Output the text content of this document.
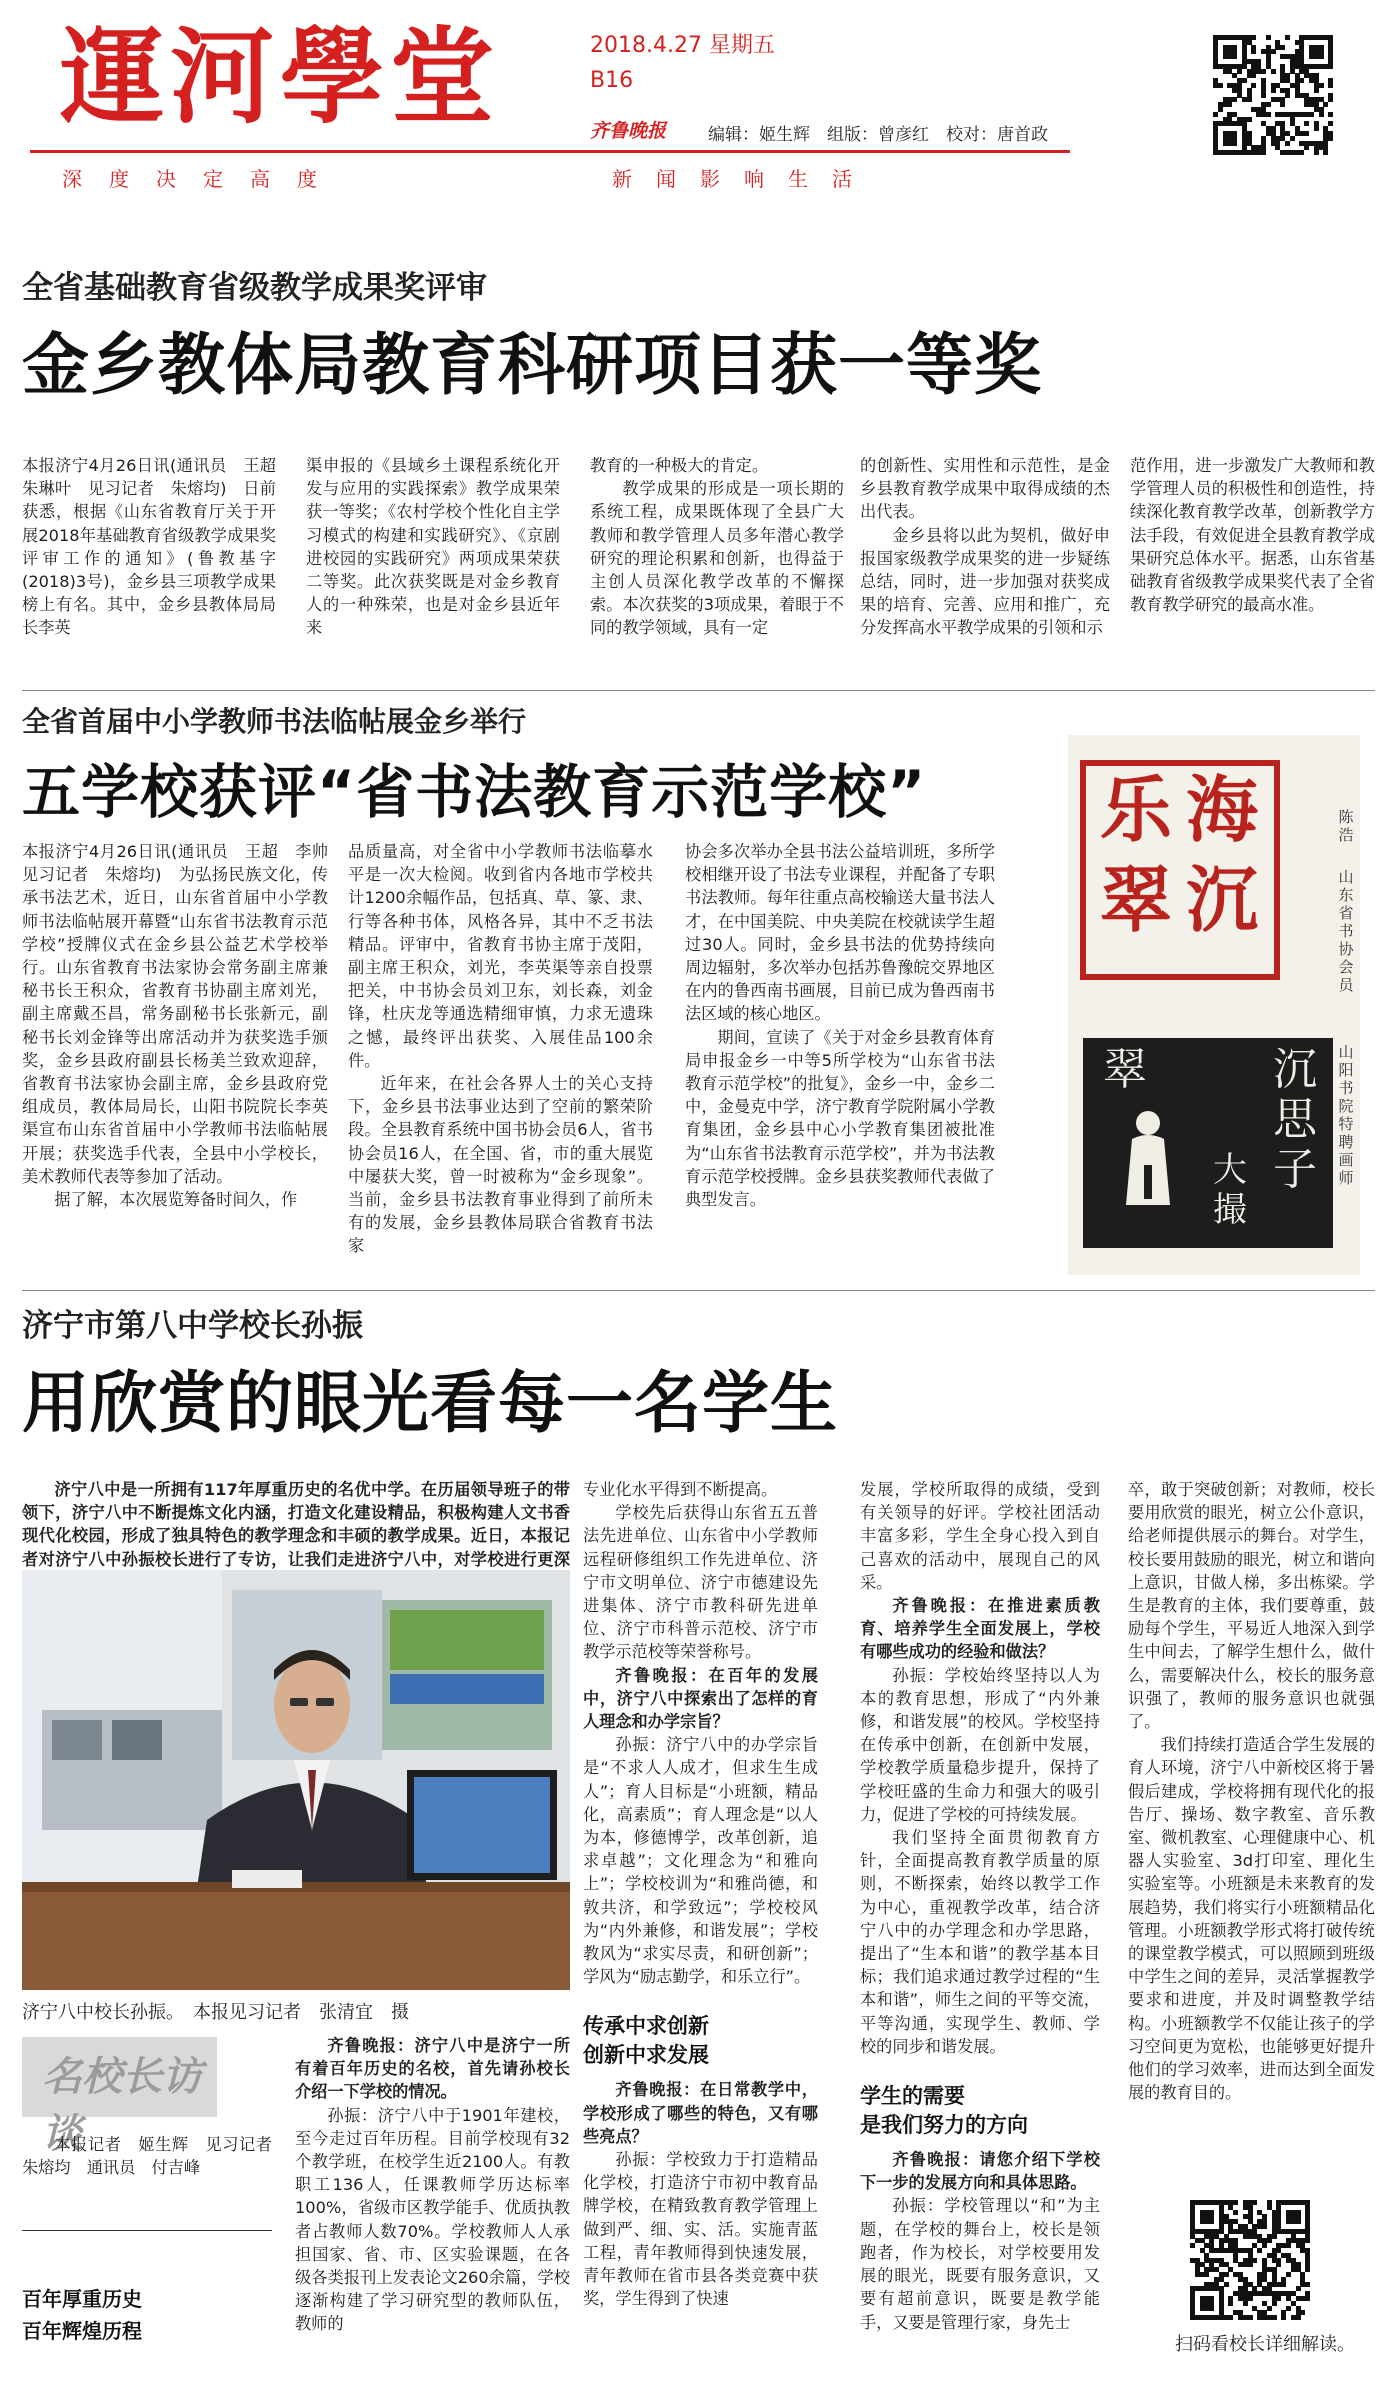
運河學堂
深度决定高度	新闻影响生活
2018.4.27 星期五
B16
齐鲁晚报 编辑：姬生辉　组版：曾彦红　校对：唐首政
全省基础教育省级教学成果奖评审
金乡教体局教育科研项目获一等奖

本报济宁4月26日讯(通讯员　王超　朱琳叶　见习记者　朱熔均)　日前获悉，根据《山东省教育厅关于开展2018年基础教育省级教学成果奖评审工作的通知》(鲁教基字(2018)3号)，金乡县三项教学成果榜上有名。其中，金乡县教体局局长李英

渠申报的《县域乡土课程系统化开发与应用的实践探索》教学成果荣获一等奖；《农村学校个性化自主学习模式的构建和实践研究》、《京剧进校园的实践研究》两项成果荣获二等奖。此次获奖既是对金乡教育人的一种殊荣，也是对金乡县近年来

教育的一种极大的肯定。

教学成果的形成是一项长期的系统工程，成果既体现了全县广大教师和教学管理人员多年潜心教学研究的理论积累和创新，也得益于主创人员深化教学改革的不懈探索。本次获奖的3项成果，着眼于不同的教学领域，具有一定

的创新性、实用性和示范性，是金乡县教育教学成果中取得成绩的杰出代表。

金乡县将以此为契机，做好申报国家级教学成果奖的进一步疑练总结，同时，进一步加强对获奖成果的培育、完善、应用和推广，充分发挥高水平教学成果的引领和示

范作用，进一步激发广大教师和教学管理人员的积极性和创造性，持续深化教育教学改革，创新教学方法手段，有效促进全县教育教学成果研究总体水平。据悉，山东省基础教育省级教学成果奖代表了全省教育教学研究的最高水准。

全省首届中小学教师书法临帖展金乡举行
五学校获评“省书法教育示范学校”

本报济宁4月26日讯(通讯员　王超　李帅　见习记者　朱熔均)　为弘扬民族文化，传承书法艺术，近日，山东省首届中小学教师书法临帖展开幕暨“山东省书法教育示范学校”授牌仪式在金乡县公益艺术学校举行。山东省教育书法家协会常务副主席兼秘书长王积众，省教育书协副主席刘光，副主席戴丕昌，常务副秘书长张新元，副秘书长刘金锋等出席活动并为获奖选手颁奖，金乡县政府副县长杨美兰致欢迎辞，省教育书法家协会副主席，金乡县政府党组成员，教体局局长，山阳书院院长李英渠宣布山东省首届中小学教师书法临帖展开展；获奖选手代表，全县中小学校长，美术教师代表等参加了活动。

据了解，本次展览筹备时间久，作

品质量高，对全省中小学教师书法临摹水平是一次大检阅。收到省内各地市学校共计1200余幅作品，包括真、草、篆、隶、行等各种书体，风格各异，其中不乏书法精品。评审中，省教育书协主席于茂阳，副主席王积众，刘光，李英渠等亲自投票把关，中书协会员刘卫东，刘长森，刘金锋，杜庆龙等通选精细审慎，力求无遗珠之憾，最终评出获奖、入展佳品100余件。

近年来，在社会各界人士的关心支持下，金乡县书法事业达到了空前的繁荣阶段。全县教育系统中国书协会员6人，省书协会员16人，在全国、省，市的重大展览中屡获大奖，曾一时被称为“金乡现象”。当前，金乡县书法教育事业得到了前所未有的发展，金乡县教体局联合省教育书法家

协会多次举办全县书法公益培训班，多所学校相继开设了书法专业课程，并配备了专职书法教师。每年往重点高校输送大量书法人才，在中国美院、中央美院在校就读学生超过30人。同时，金乡县书法的优势持续向周边辐射，多次举办包括苏鲁豫皖交界地区在内的鲁西南书画展，目前已成为鲁西南书法区域的核心地区。

期间，宣读了《关于对金乡县教育体育局申报金乡一中等5所学校为“山东省书法教育示范学校”的批复》，金乡一中，金乡二中，金曼克中学，济宁教育学院附属小学教育集团，金乡县中心小学教育集团被批准为“山东省书法教育示范学校”，并为书法教育示范学校授牌。金乡县获奖教师代表做了典型发言。

海
沉
乐
翠
翠	沉
思
子
大
撮
陈浩
山东省书协会员
山阳书院特聘画师
济宁市第八中学校长孙振
用欣赏的眼光看每一名学生

济宁八中是一所拥有117年厚重历史的名优中学。在历届领导班子的带领下，济宁八中不断提炼文化内涵，打造文化建设精品，积极构建人文书香现代化校园，形成了独具特色的教学理念和丰硕的教学成果。近日，本报记者对济宁八中孙振校长进行了专访，让我们走进济宁八中，对学校进行更深

济宁八中校长孙振。　本报见习记者　张清宜　摄
名校长访谈

本报记者　姬生辉　见习记者　朱熔均　通讯员　付吉峰

百年厚重历史
百年辉煌历程

齐鲁晚报：济宁八中是济宁一所有着百年历史的名校，首先请孙校长介绍一下学校的情况。

孙振：济宁八中于1901年建校，至今走过百年历程。目前学校现有32个教学班，在校学生近2100人。有教职工136人，任课教师学历达标率100%，省级市区教学能手、优质执教者占教师人数70%。学校教师人人承担国家、省、市、区实验课题，在各级各类报刊上发表论文260余篇，学校逐渐构建了学习研究型的教师队伍，教师的

专业化水平得到不断提高。

学校先后获得山东省五五普法先进单位、山东省中小学教师远程研修组织工作先进单位、济宁市文明单位、济宁市德建设先进集体、济宁市教科研先进单位、济宁市科普示范校、济宁市教学示范校等荣誉称号。

齐鲁晚报：在百年的发展中，济宁八中探索出了怎样的育人理念和办学宗旨？

孙振：济宁八中的办学宗旨是“不求人人成才，但求生生成人”；育人目标是“小班额，精品化，高素质”；育人理念是“以人为本，修德博学，改革创新，追求卓越”；文化理念为“和雅向上”；学校校训为“和雅尚德，和敦共济，和学致远”；学校校风为“内外兼修，和谐发展”；学校教风为“求实尽责，和研创新”；学风为“励志勤学，和乐立行”。

传承中求创新
创新中求发展

齐鲁晚报：在日常教学中，学校形成了哪些的特色，又有哪些亮点？

孙振：学校致力于打造精品化学校，打造济宁市初中教育品牌学校，在精致教育教学管理上做到严、细、实、活。实施青蓝工程，青年教师得到快速发展，青年教师在省市县各类竞赛中获奖，学生得到了快速

发展，学校所取得的成绩，受到有关领导的好评。学校社团活动丰富多彩，学生全身心投入到自己喜欢的活动中，展现自己的风采。

齐鲁晚报：在推进素质教育、培养学生全面发展上，学校有哪些成功的经验和做法？

孙振：学校始终坚持以人为本的教育思想，形成了“内外兼修，和谐发展”的校风。学校坚持在传承中创新，在创新中发展，学校教学质量稳步提升，保持了学校旺盛的生命力和强大的吸引力，促进了学校的可持续发展。

我们坚持全面贯彻教育方针，全面提高教育教学质量的原则，不断探索，始终以教学工作为中心，重视教学改革，结合济宁八中的办学理念和办学思路，提出了“生本和谐”的教学基本目标；我们追求通过教学过程的“生本和谐”，师生之间的平等交流，平等沟通，实现学生、教师、学校的同步和谐发展。

学生的需要
是我们努力的方向

齐鲁晚报：请您介绍下学校下一步的发展方向和具体思路。

孙振：学校管理以“和”为主题，在学校的舞台上，校长是领跑者，作为校长，对学校要用发展的眼光，既要有服务意识，又要有超前意识，既要是教学能手，又要是管理行家，身先士

卒，敢于突破创新；对教师，校长要用欣赏的眼光，树立公仆意识，给老师提供展示的舞台。对学生，校长要用鼓励的眼光，树立和谐向上意识，甘做人梯，多出栋梁。学生是教育的主体，我们要尊重，鼓励每个学生，平易近人地深入到学生中间去，了解学生想什么，做什么，需要解决什么，校长的服务意识强了，教师的服务意识也就强了。

我们持续打造适合学生发展的育人环境，济宁八中新校区将于暑假后建成，学校将拥有现代化的报告厅、操场、数字教室、音乐教室、微机教室、心理健康中心、机器人实验室、3d打印室、理化生实验室等。小班额是未来教育的发展趋势，我们将实行小班额精品化管理。小班额教学形式将打破传统的课堂教学模式，可以照顾到班级中学生之间的差异，灵活掌握教学要求和进度，并及时调整教学结构。小班额教学不仅能让孩子的学习空间更为宽松，也能够更好提升他们的学习效率，进而达到全面发展的教育目的。

扫码看校长详细解读。
